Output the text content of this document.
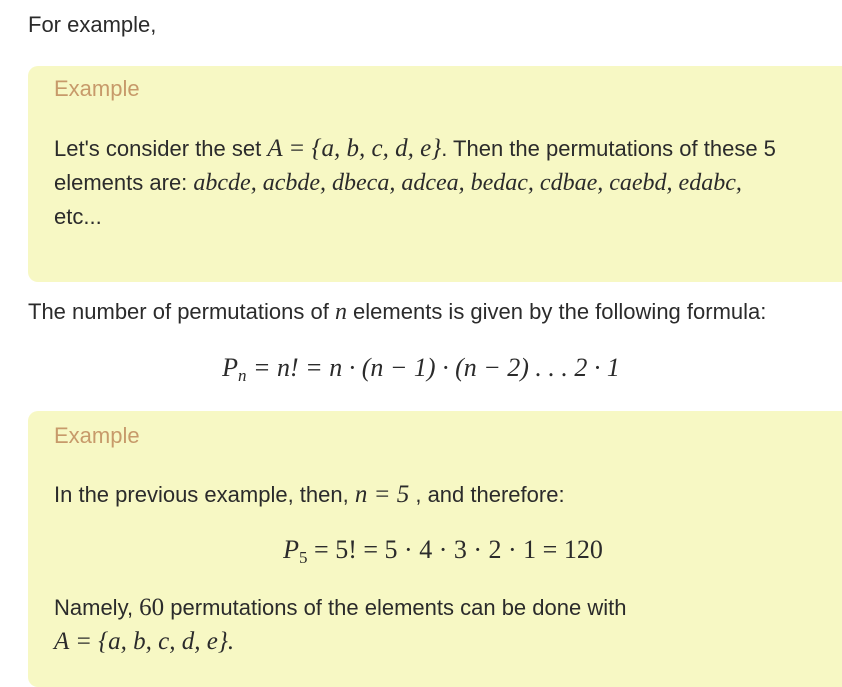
For example,

Example

Let's consider the set A = {a, b, c, d, e}. Then the permutations of these 5 elements are: abcde, acbde, dbeca, adcea, bedac, cdbae, caebd, edabc,
etc...

The number of permutations of n elements is given by the following formula:

$P_n = n$! = n · (n − 1) · (n − 2) . . . 2 · 1

Example

In the previous example, then, n = 5 , and therefore:

$P_5 = 5$! = 5 · 4 · 3 · 2 · 1 = 120

Namely, 60 permutations of the elements can be done with
A = {a, b, c, d, e}.
